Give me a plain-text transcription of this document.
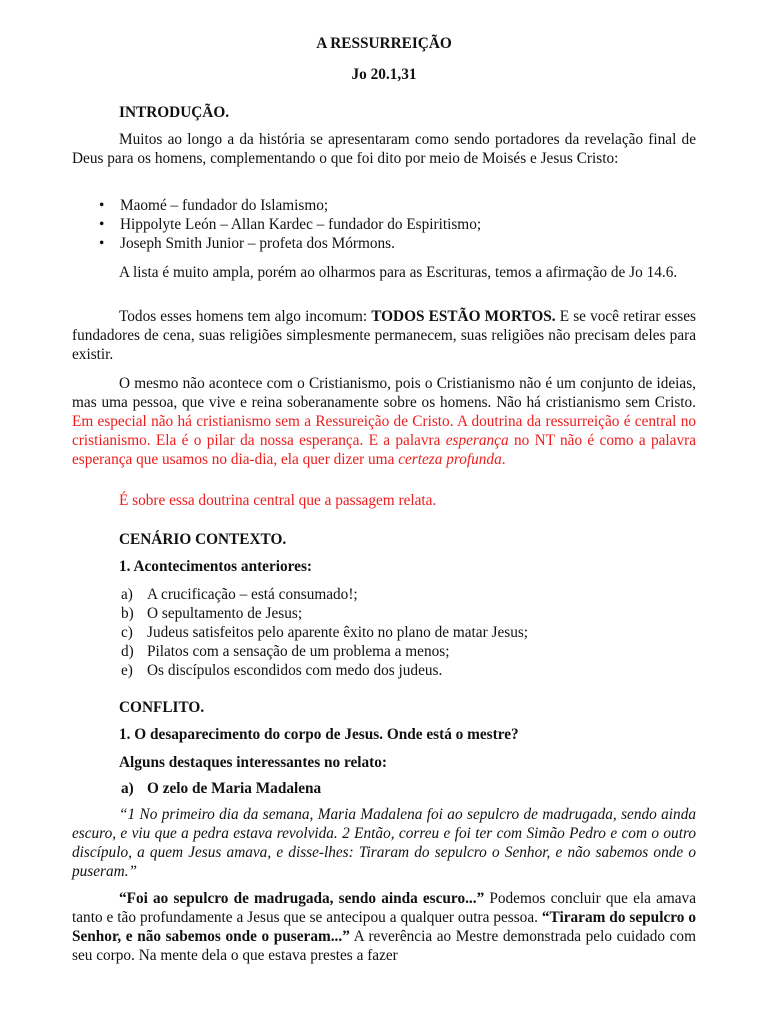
A RESSURREIÇÃO

Jo 20.1,31

INTRODUÇÃO.

Muitos ao longo a da história se apresentaram como sendo portadores da revelação final de Deus para os homens, complementando o que foi dito por meio de Moisés e Jesus Cristo:

• Maomé – fundador do Islamismo;
• Hippolyte León – Allan Kardec – fundador do Espiritismo;
• Joseph Smith Junior – profeta dos Mórmons.

A lista é muito ampla, porém ao olharmos para as Escrituras, temos a afirmação de Jo 14.6.

Todos esses homens tem algo incomum: TODOS ESTÃO MORTOS. E se você retirar esses fundadores de cena, suas religiões simplesmente permanecem, suas religiões não precisam deles para existir.

O mesmo não acontece com o Cristianismo, pois o Cristianismo não é um conjunto de ideias, mas uma pessoa, que vive e reina soberanamente sobre os homens. Não há cristianismo sem Cristo. Em especial não há cristianismo sem a Ressureição de Cristo. A doutrina da ressurreição é central no cristianismo. Ela é o pilar da nossa esperança. E a palavra esperança no NT não é como a palavra esperança que usamos no dia-dia, ela quer dizer uma certeza profunda.

É sobre essa doutrina central que a passagem relata.

CENÁRIO CONTEXTO.

1. Acontecimentos anteriores:

a) A crucificação – está consumado!;
b) O sepultamento de Jesus;
c) Judeus satisfeitos pelo aparente êxito no plano de matar Jesus;
d) Pilatos com a sensação de um problema a menos;
e) Os discípulos escondidos com medo dos judeus.

CONFLITO.

1. O desaparecimento do corpo de Jesus. Onde está o mestre?

Alguns destaques interessantes no relato:

a) O zelo de Maria Madalena

“1 No primeiro dia da semana, Maria Madalena foi ao sepulcro de madrugada, sendo ainda escuro, e viu que a pedra estava revolvida. 2 Então, correu e foi ter com Simão Pedro e com o outro discípulo, a quem Jesus amava, e disse-lhes: Tiraram do sepulcro o Senhor, e não sabemos onde o puseram.”

“Foi ao sepulcro de madrugada, sendo ainda escuro...” Podemos concluir que ela amava tanto e tão profundamente a Jesus que se antecipou a qualquer outra pessoa. “Tiraram do sepulcro o Senhor, e não sabemos onde o puseram...” A reverência ao Mestre demonstrada pelo cuidado com seu corpo. Na mente dela o que estava prestes a fazer
